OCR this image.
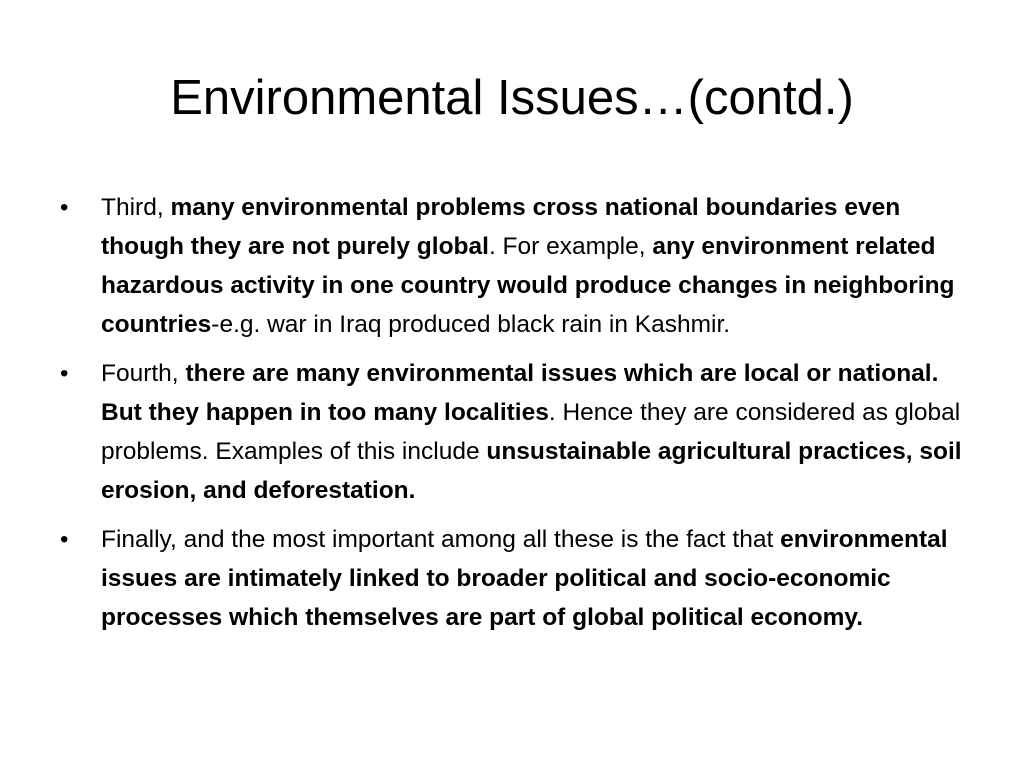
Environmental Issues…(contd.)
• Third, many environmental problems cross national boundaries even though they are not purely global. For example, any environment related hazardous activity in one country would produce changes in neighboring countries-e.g. war in Iraq produced black rain in Kashmir.
• Fourth, there are many environmental issues which are local or national. But they happen in too many localities. Hence they are considered as global problems. Examples of this include unsustainable agricultural practices, soil erosion, and deforestation.
• Finally, and the most important among all these is the fact that environmental issues are intimately linked to broader political and socio-economic processes which themselves are part of global political economy.
